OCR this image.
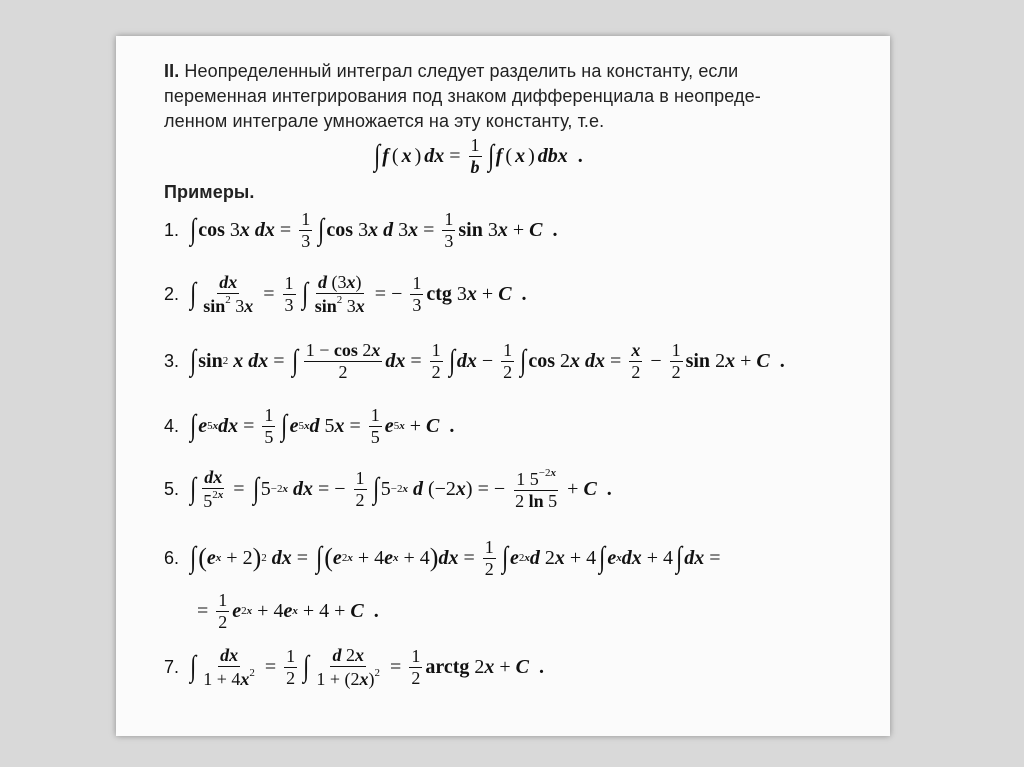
II. Неопределенный интеграл следует разделить на константу, если
переменная интегрирования под знаком дифференциала в неопреде-
ленном интеграле умножается на эту константу, т.е.
∫ f ( x ) dx = $\frac{1}{b}$ ∫ f ( x ) dbx .
Примеры.
1. ∫ cos 3 x dx = $\frac{1}{3}$ ∫ cos 3 x d 3 $x = \frac{1}{3}$ sin 3 x + C .
2. ∫ $\frac{dx}{\sin^2 3x} = \frac{1}{3}$ ∫ $\frac{d (3x)}{\sin^2 3x}$ = − $\frac{1}{3}$ ctg 3 x + C .
3. ∫ sin 2 x dx = ∫ $\frac{1 - \cos 2x}{2}$ dx = $\frac{1}{2}$ ∫ dx − $\frac{1}{2}$ ∫ cos 2 x dx = $\frac{x}{2} - \frac{1}{2}$ sin 2 x + C .
4. ∫ e 5x dx = $\frac{1}{5}$ ∫ e 5x d 5 $x = \frac{1}{5}$ e 5x + C .
5. ∫ $\frac{dx}{5^{2x}}$ = ∫ 5 −2x dx = − $\frac{1}{2}$ ∫ 5 −2x d (−2 x ) = − $\frac{1 5^{-2x}}{2 \ln 5} + C$ .
6. ∫ ( e x + 2 ) 2 dx = ∫ ( e 2x + 4 e x + 4 ) dx = $\frac{1}{2}$ ∫ e 2x d 2 x + 4 ∫ e x dx + 4 ∫ dx =
= $\frac{1}{2}$ e 2x + 4 e x + 4 + C .
7. ∫ $\frac{dx}{1 + 4x^2} = \frac{1}{2}$ ∫ $\frac{d 2x}{1 + (2x)^2} = \frac{1}{2}$ arctg 2 x + C .
